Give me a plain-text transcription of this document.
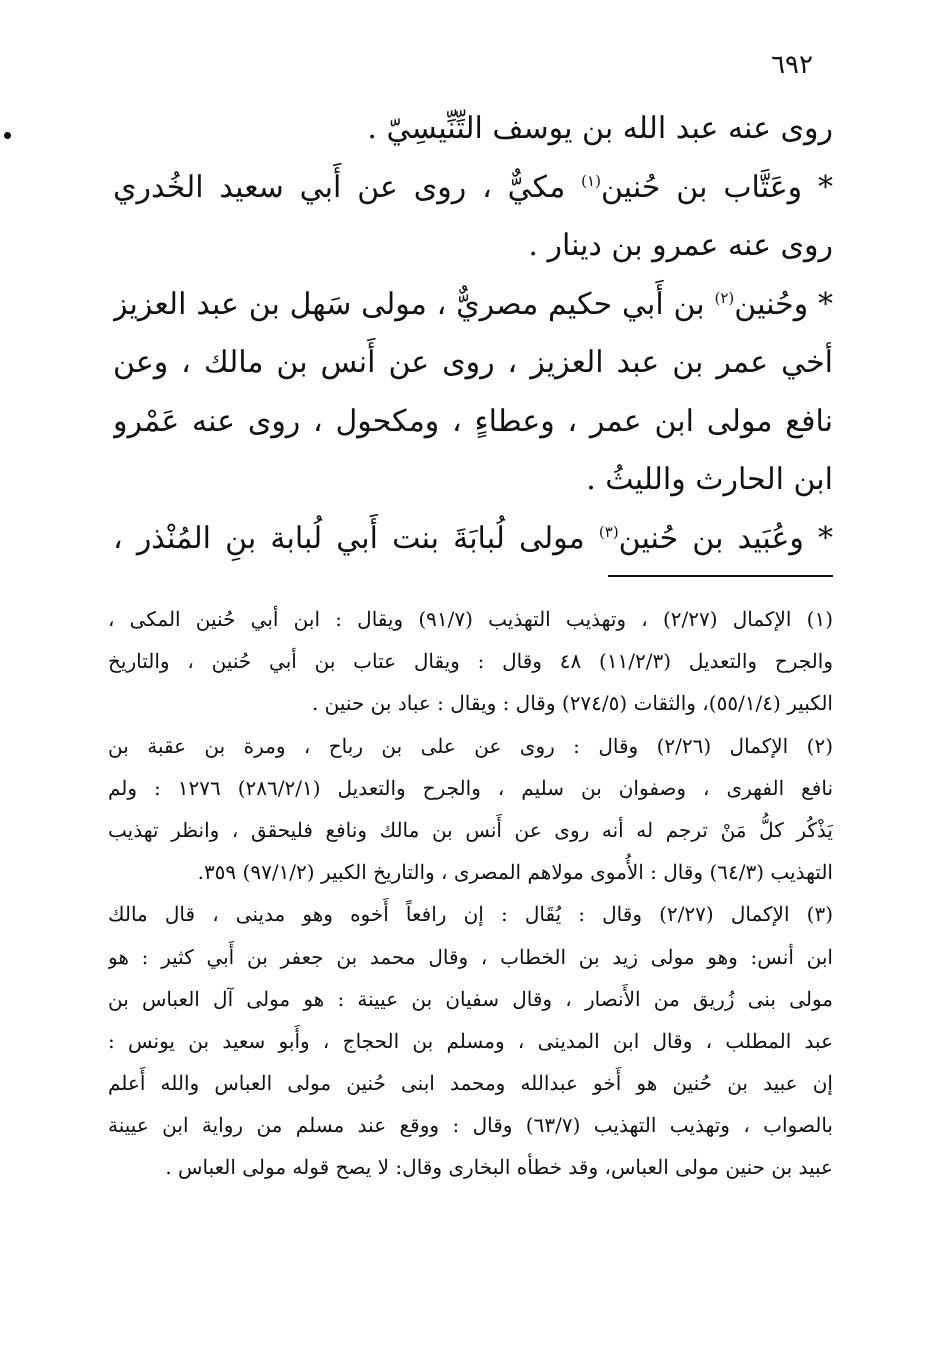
٦٩٢
روى عنه عبد الله بن يوسف التِّنِّيسِيّ .
* وعَتَّاب بن حُنين$^{(١)}$ مكيٌّ ، روى عن أَبي سعيد الخُدري
روى عنه عمرو بن دينار .
* وحُنين$^{(٢)}$ بن أَبي حكيم مصريٌّ ، مولى سَهل بن عبد العزيز
أخي عمر بن عبد العزيز ، روى عن أَنس بن مالك ، وعن
نافع مولى ابن عمر ، وعطاءٍ ، ومكحول ، روى عنه عَمْرو
ابن الحارث والليثُ .
* وعُبَيد بن حُنين$^{(٣)}$ مولى لُبابَةَ بنت أَبي لُبابة بنِ المُنْذر ،
(١) الإكمال (٢/٢٧) ، وتهذيب التهذيب (٩١/٧) ويقال : ابن أبي حُنين المكى ،
والجرح والتعديل (١١/٢/٣) ٤٨ وقال : ويقال عتاب بن أبي حُنين ، والتاريخ
الكبير (٥٥/١/٤)، والثقات (٢٧٤/٥) وقال : ويقال : عباد بن حنين .
(٢) الإكمال (٢/٢٦) وقال : روى عن على بن رباح ، ومرة بن عقبة بن
نافع الفهرى ، وصفوان بن سليم ، والجرح والتعديل (٢٨٦/٢/١) ١٢٧٦ : ولم
يَذْكُر كلُّ مَنْ ترجم له أنه روى عن أَنس بن مالك ونافع فليحقق ، وانظر تهذيب
التهذيب (٦٤/٣) وقال : الأُموى مولاهم المصرى ، والتاريخ الكبير (٩٧/١/٢) ٣٥٩.
(٣) الإكمال (٢/٢٧) وقال : يُقَال : إن رافعاً أَخوه وهو مدينى ، قال مالك
ابن أنس: وهو مولى زيد بن الخطاب ، وقال محمد بن جعفر بن أَبي كثير : هو
مولى بنى زُريق من الأَنصار ، وقال سفيان بن عيينة : هو مولى آل العباس بن
عبد المطلب ، وقال ابن المدينى ، ومسلم بن الحجاج ، وأَبو سعيد بن يونس :
إن عبيد بن حُنين هو أَخو عبدالله ومحمد ابنى حُنين مولى العباس والله أَعلم
بالصواب ، وتهذيب التهذيب (٦٣/٧) وقال : ووقع عند مسلم من رواية ابن عيينة
عبيد بن حنين مولى العباس، وقد خطأه البخارى وقال: لا يصح قوله مولى العباس .
